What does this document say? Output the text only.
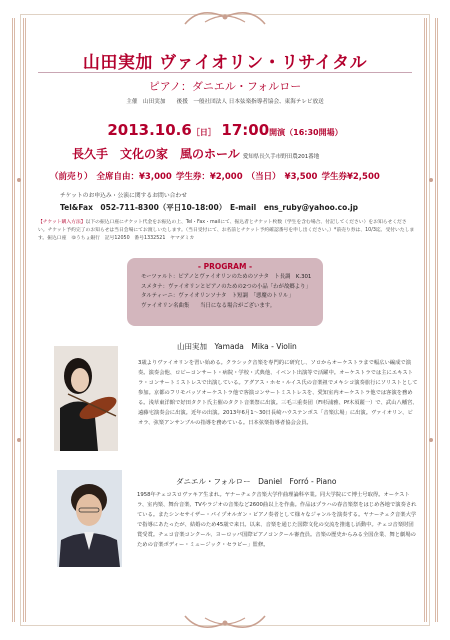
山田実加 ヴァイオリン・リサイタル
ピアノ：ダニエル・フォルロー
主催　山田実加　　後援　一般社団法人 日本弦楽指導者協会、東海テレビ放送
2013.10.6［日］ 17:00開演（16:30開場）
長久手　文化の家　風のホール 愛知県長久手市野田農201番地
（前売り） 全席自由：¥3,000 学生券：¥2,000 （当日） ¥3,500 学生券¥2,500
チケットのお申込み・公演に関するお問い合わせ
Tel&Fax　052-711-8300（平日10-18:00）　E-mail　ens_ruby@yahoo.co.jp
【チケット購入方法】以下の振込口座にチケット代金をお振込の上、Tel・Fax・mailにて、振込者とチケット枚数（学生を含む場合、付記してください）をお知らせください。チケット予約完了のお知らせは当日会場にてお渡しいたします。（当日受付にて、お名前とチケット予約確認番号を申し出ください。）*前売り券は、10/3迄、受付いたします。振込口座　ゆうちょ銀行　記号12050　番号1332521　ヤマダミカ
- PROGRAM -
モーツァルト：ピアノとヴァイオリンのためのソナタ　ト長調　K.301
スメタナ：ヴァイオリンとピアノのための2つの小品「わが故郷より」
タルティーニ：ヴァイオリンソナタ　ト短調　「悪魔のトリル」
ヴァイオリン名曲集　　当日になる場合がございます。
山田実加　Yamada　Mika - Violin
3歳よりヴァイオリンを習い始める。クラシック音楽を専門的に研究し、ソロからオーケストラまで幅広い編成で演奏。演奏会他、ロビーコンサート・病院・学校・式典他、イベント出演等で活躍中。オーケストラでは主にエキストラ・コンサートミストレスで出演している。アグアス・ホセ・ルイス氏の音楽祖でメキシコ演奏旅行にソリストとして参加。京都のフリモバッソオーケストラ他で客演コンサートミストレスを、愛知室内オーケストラ他では客演を務める。浅草東洋館で好田タクト氏主催のタクト音楽祭に出演。三毛三重奏団（FI杉浦雅、Pf木須麗一）で、武山八幡宮、遠藤宅演奏会に出演。近年の出演。2013年6月1～30日長崎ハウステンボス「音楽広場」に出演。ヴァイオリン、ビオラ、弦楽アンサンブルの指導を務めている。日本弦楽指導者協会会員。
ダニエル・フォルロー　Daniel　Forró - Piano
1958年チェコスロヴァキア生まれ。ヤナーチェク音楽大学作曲理論科卒業。同大学院にて博士号取得。オーケストラ、室内楽、舞台音楽、TVやラジオの音楽など2600曲以上を作曲。作品はプラハの春音楽祭をはじめ各地で演奏されている。またシンセサイザー・パイプオルガン・ピアノ奏者として様々なジャンルを演奏する。ヤナーチェク音楽大学で指導にあたったが、結婚のため45歳で来日。以来、音楽を通じた国際文化の交流を推進し活動中。チェコ音楽財団賞受賞。チェコ音楽コンクール、ヨーロッパ国際ピアノコンクール審査員。音楽の歴史からみる全国企業、舞と劇場のための音楽ボディー・ミュージック・セラピー」監修。
